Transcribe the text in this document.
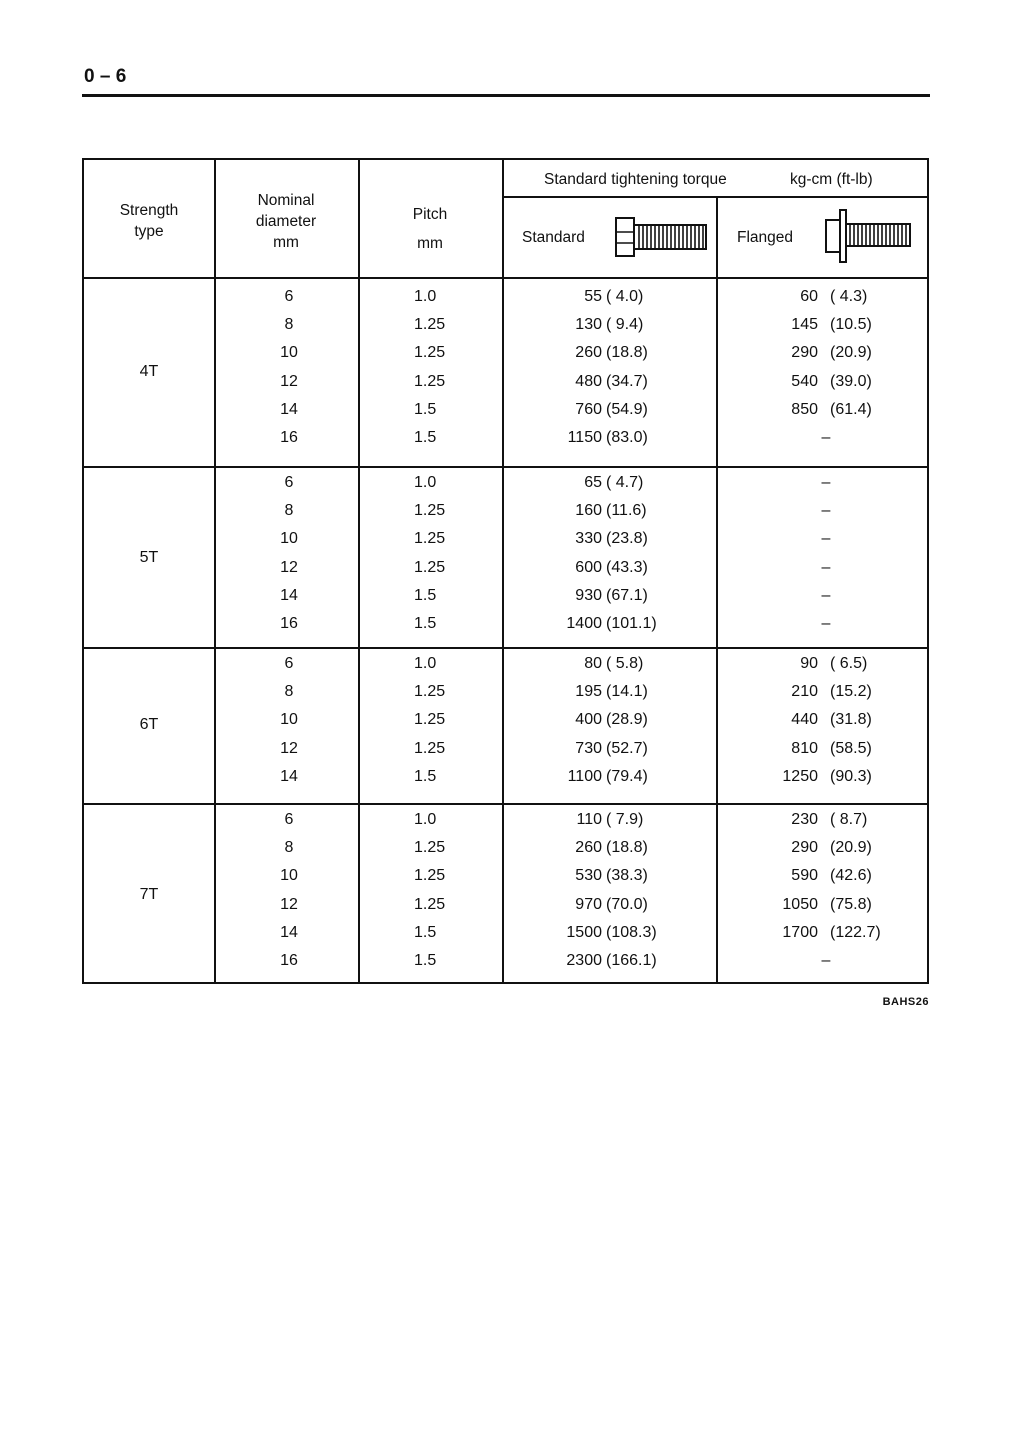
0 – 6
Strength
type
Nominal
diameter
mm
Pitch
mm
Standard tightening torque	kg-cm (ft-lb)
Standard	Flanged
4T
6	1.0	55 ( 4.0)	60 ( 4.3)
8	1.25	130 ( 9.4)	145 (10.5)
10	1.25	260 (18.8)	290 (20.9)
12	1.25	480 (34.7)	540 (39.0)
14	1.5	760 (54.9)	850 (61.4)
16	1.5	1150 (83.0)	–
5T
6	1.0	65 ( 4.7)	–
8	1.25	160 (11.6)	–
10	1.25	330 (23.8)	–
12	1.25	600 (43.3)	–
14	1.5	930 (67.1)	–
16	1.5	1400 (101.1)	–
6T
6	1.0	80 ( 5.8)	90 ( 6.5)
8	1.25	195 (14.1)	210 (15.2)
10	1.25	400 (28.9)	440 (31.8)
12	1.25	730 (52.7)	810 (58.5)
14	1.5	1100 (79.4)	1250 (90.3)
7T
6	1.0	110 ( 7.9)	230 ( 8.7)
8	1.25	260 (18.8)	290 (20.9)
10	1.25	530 (38.3)	590 (42.6)
12	1.25	970 (70.0)	1050 (75.8)
14	1.5	1500 (108.3)	1700 (122.7)
16	1.5	2300 (166.1)	–
BAHS26
